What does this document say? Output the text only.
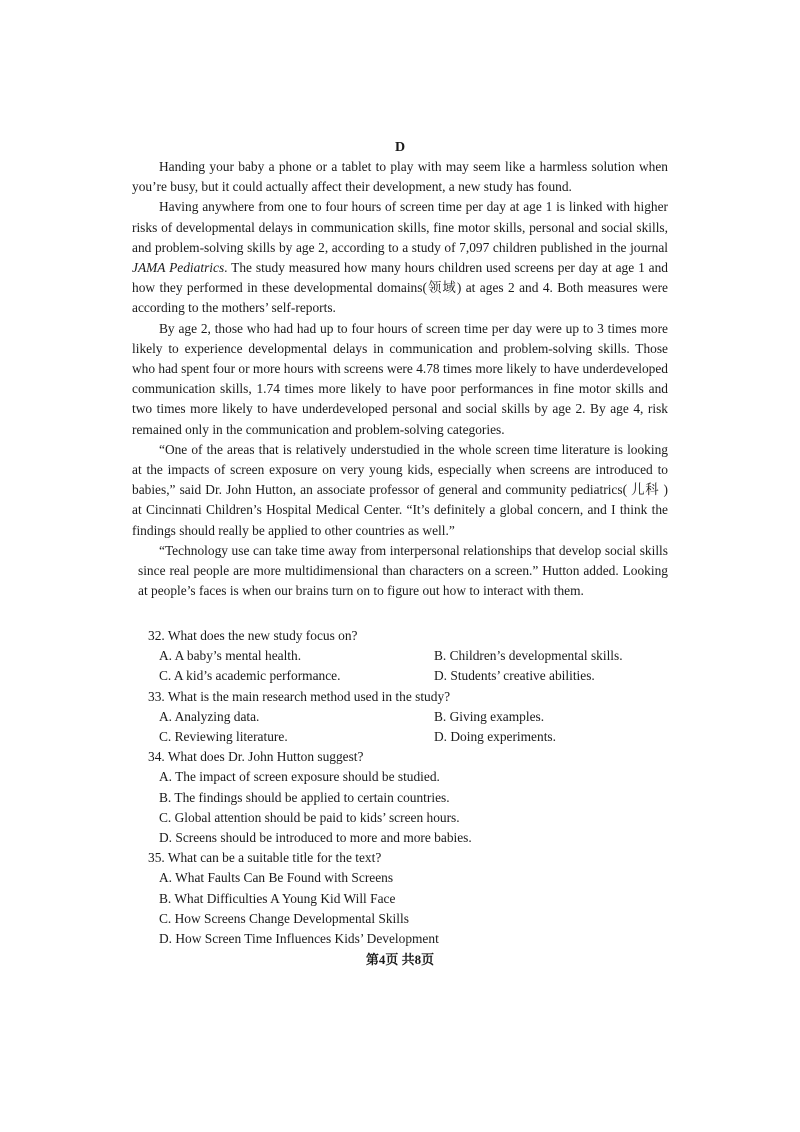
D

Handing your baby a phone or a tablet to play with may seem like a harmless solution when you’re busy, but it could actually affect their development, a new study has found.

Having anywhere from one to four hours of screen time per day at age 1 is linked with higher risks of developmental delays in communication skills, fine motor skills, personal and social skills, and problem-solving skills by age 2, according to a study of 7,097 children published in the journal JAMA Pediatrics. The study measured how many hours children used screens per day at age 1 and how they performed in these developmental domains(领域) at ages 2 and 4. Both measures were according to the mothers’ self-reports.

By age 2, those who had had up to four hours of screen time per day were up to 3 times more likely to experience developmental delays in communication and problem-solving skills. Those who had spent four or more hours with screens were 4.78 times more likely to have underdeveloped communication skills, 1.74 times more likely to have poor performances in fine motor skills and two times more likely to have underdeveloped personal and social skills by age 2. By age 4, risk remained only in the communication and problem-solving categories.

“One of the areas that is relatively understudied in the whole screen time literature is looking at the impacts of screen exposure on very young kids, especially when screens are introduced to babies,” said Dr. John Hutton, an associate professor of general and community pediatrics( 儿科 ) at Cincinnati Children’s Hospital Medical Center. “It’s definitely a global concern, and I think the findings should really be applied to other countries as well.”

“Technology use can take time away from interpersonal relationships that develop social skills since real people are more multidimensional than characters on a screen.” Hutton added. Looking at people’s faces is when our brains turn on to figure out how to interact with them.

32. What does the new study focus on?
A. A baby’s mental health.	B. Children’s developmental skills.
C. A kid’s academic performance.	D. Students’ creative abilities.
33. What is the main research method used in the study?
A. Analyzing data.	B. Giving examples.
C. Reviewing literature.	D. Doing experiments.
34. What does Dr. John Hutton suggest?
A. The impact of screen exposure should be studied.
B. The findings should be applied to certain countries.
C. Global attention should be paid to kids’ screen hours.
D. Screens should be introduced to more and more babies.
35. What can be a suitable title for the text?
A. What Faults Can Be Found with Screens
B. What Difficulties A Young Kid Will Face
C. How Screens Change Developmental Skills
D. How Screen Time Influences Kids’ Development
第4页 共8页
